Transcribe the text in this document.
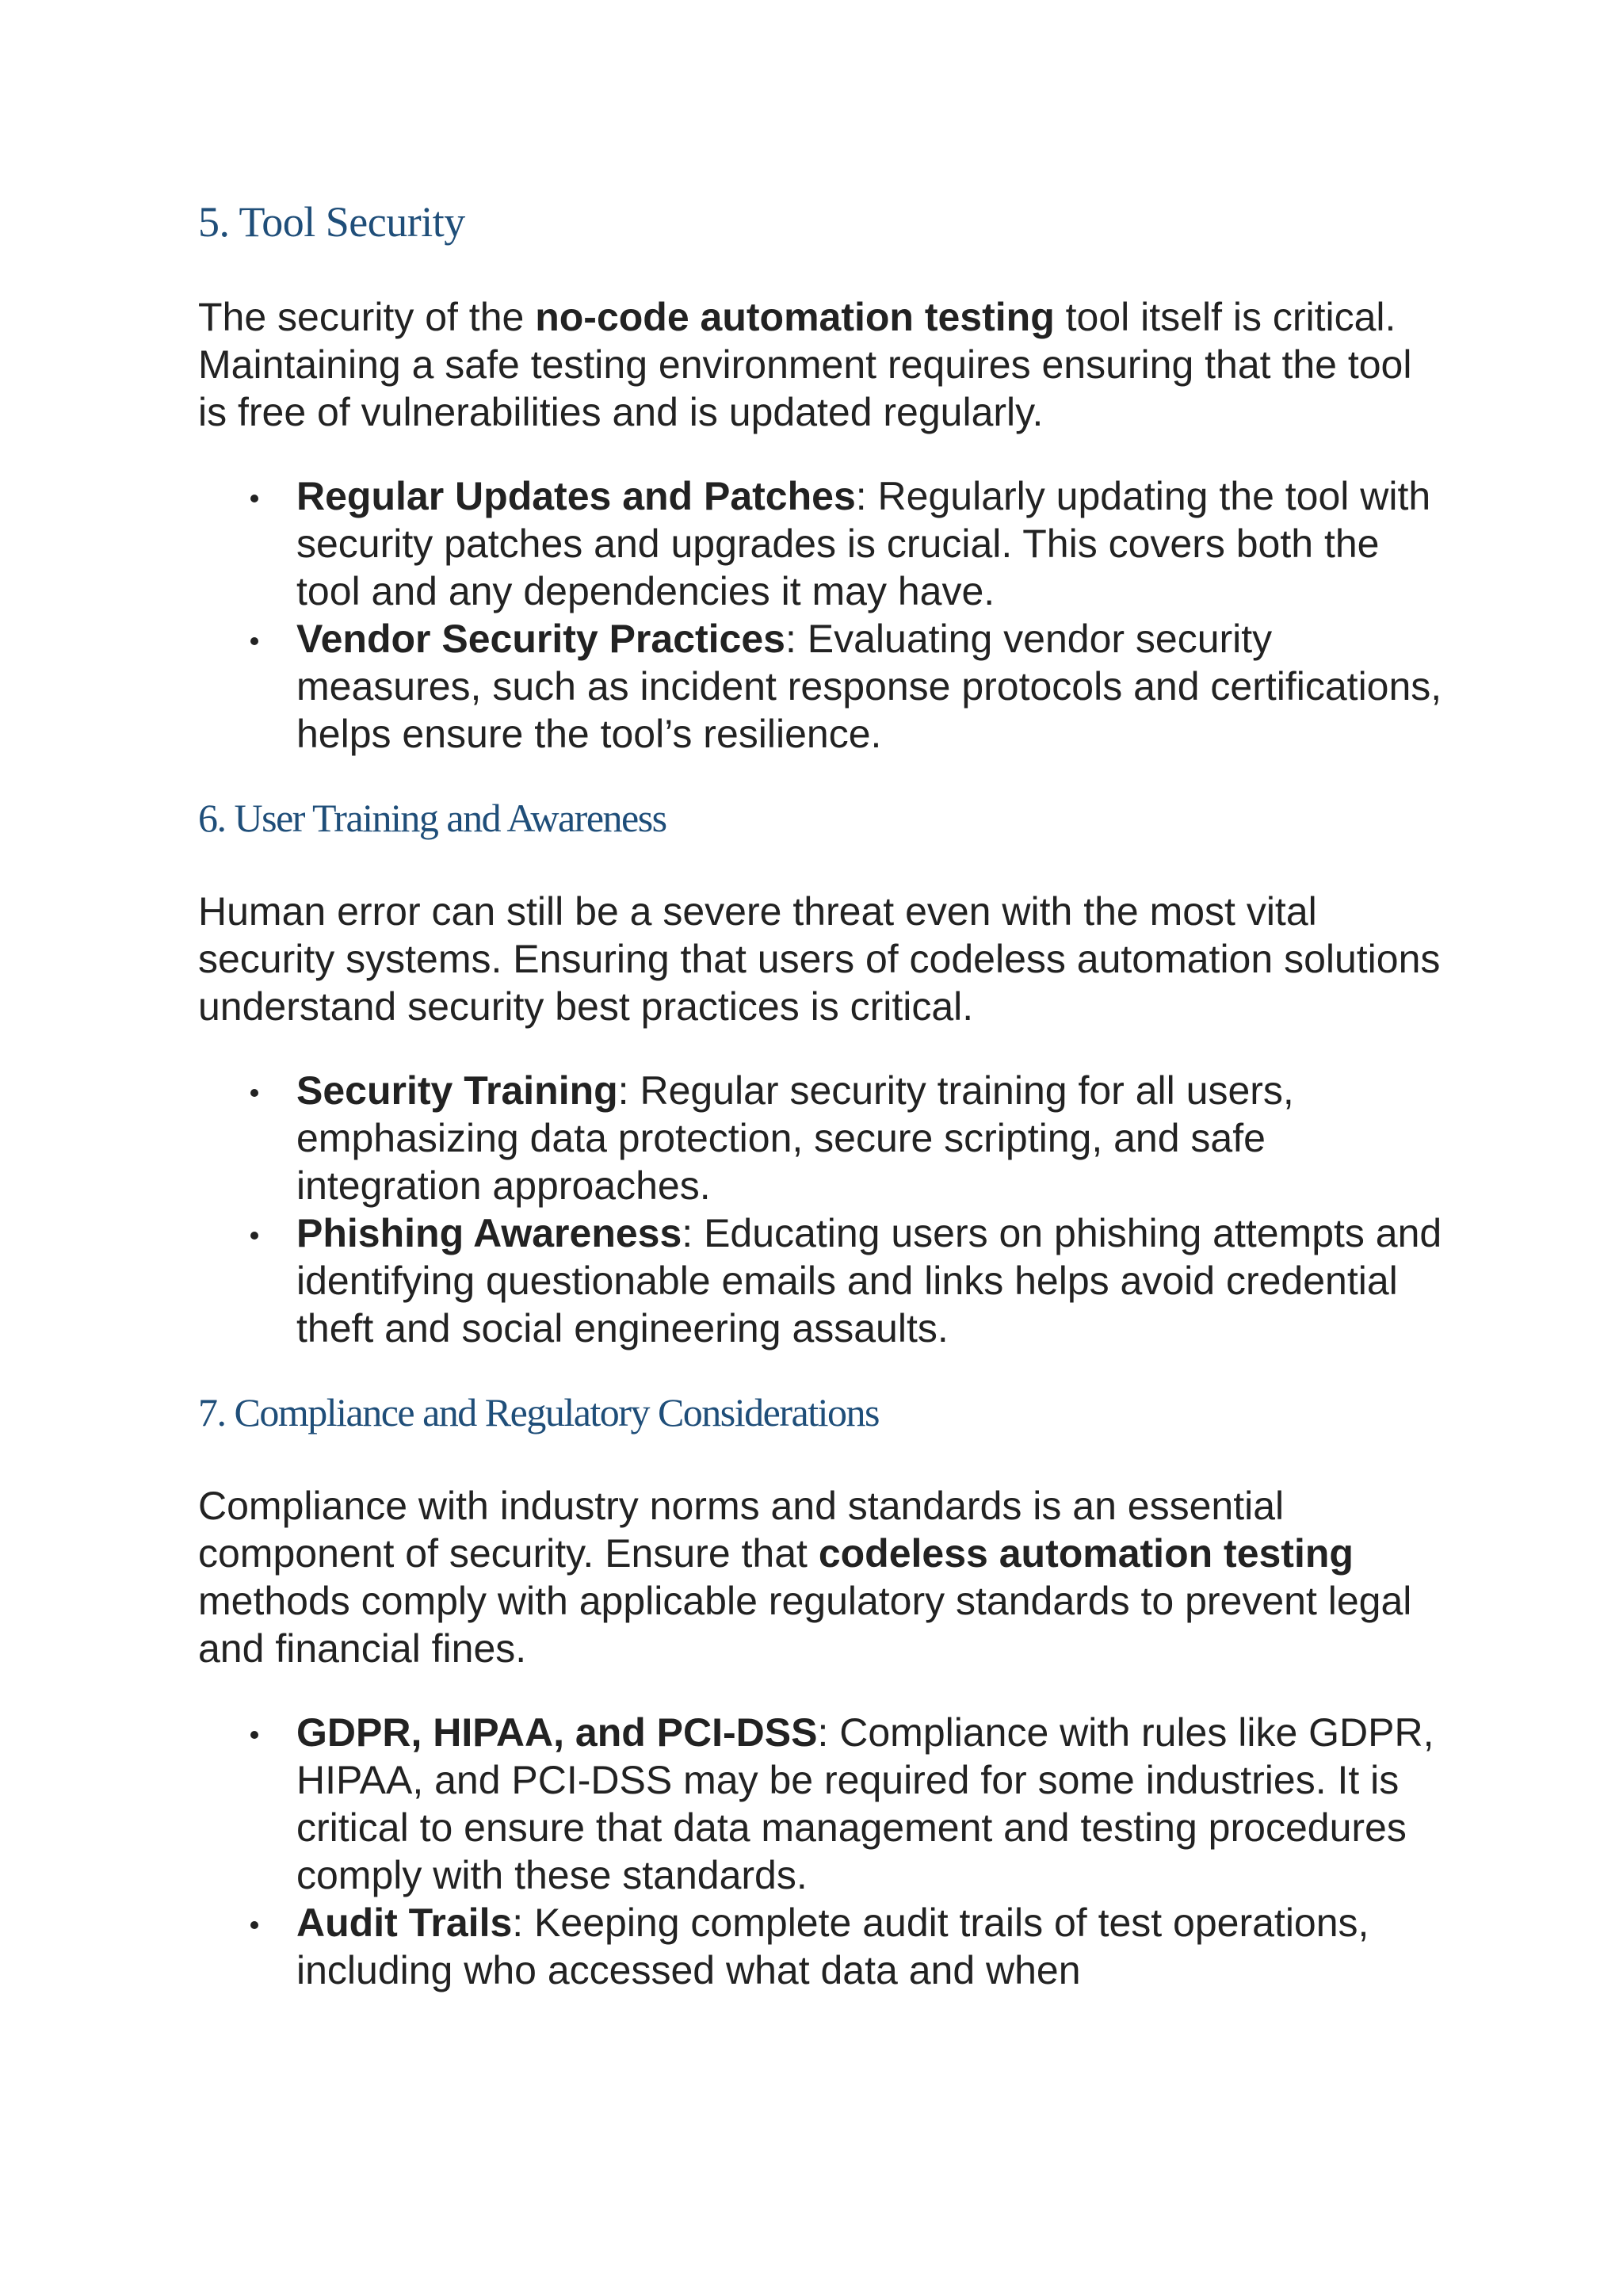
5. Tool Security

The security of the no-code automation testing tool itself is critical. Maintaining a safe testing environment requires ensuring that the tool is free of vulnerabilities and is updated regularly.

Regular Updates and Patches: Regularly updating the tool with security patches and upgrades is crucial. This covers both the tool and any dependencies it may have.
Vendor Security Practices: Evaluating vendor security measures, such as incident response protocols and certifications, helps ensure the tool’s resilience.
6. User Training and Awareness

Human error can still be a severe threat even with the most vital security systems. Ensuring that users of codeless automation solutions understand security best practices is critical.

Security Training: Regular security training for all users, emphasizing data protection, secure scripting, and safe integration approaches.
Phishing Awareness: Educating users on phishing attempts and identifying questionable emails and links helps avoid credential theft and social engineering assaults.
7. Compliance and Regulatory Considerations

Compliance with industry norms and standards is an essential component of security. Ensure that codeless automation testing methods comply with applicable regulatory standards to prevent legal and financial fines.

GDPR, HIPAA, and PCI-DSS: Compliance with rules like GDPR, HIPAA, and PCI-DSS may be required for some industries. It is critical to ensure that data management and testing procedures comply with these standards.
Audit Trails: Keeping complete audit trails of test operations, including who accessed what data and when
